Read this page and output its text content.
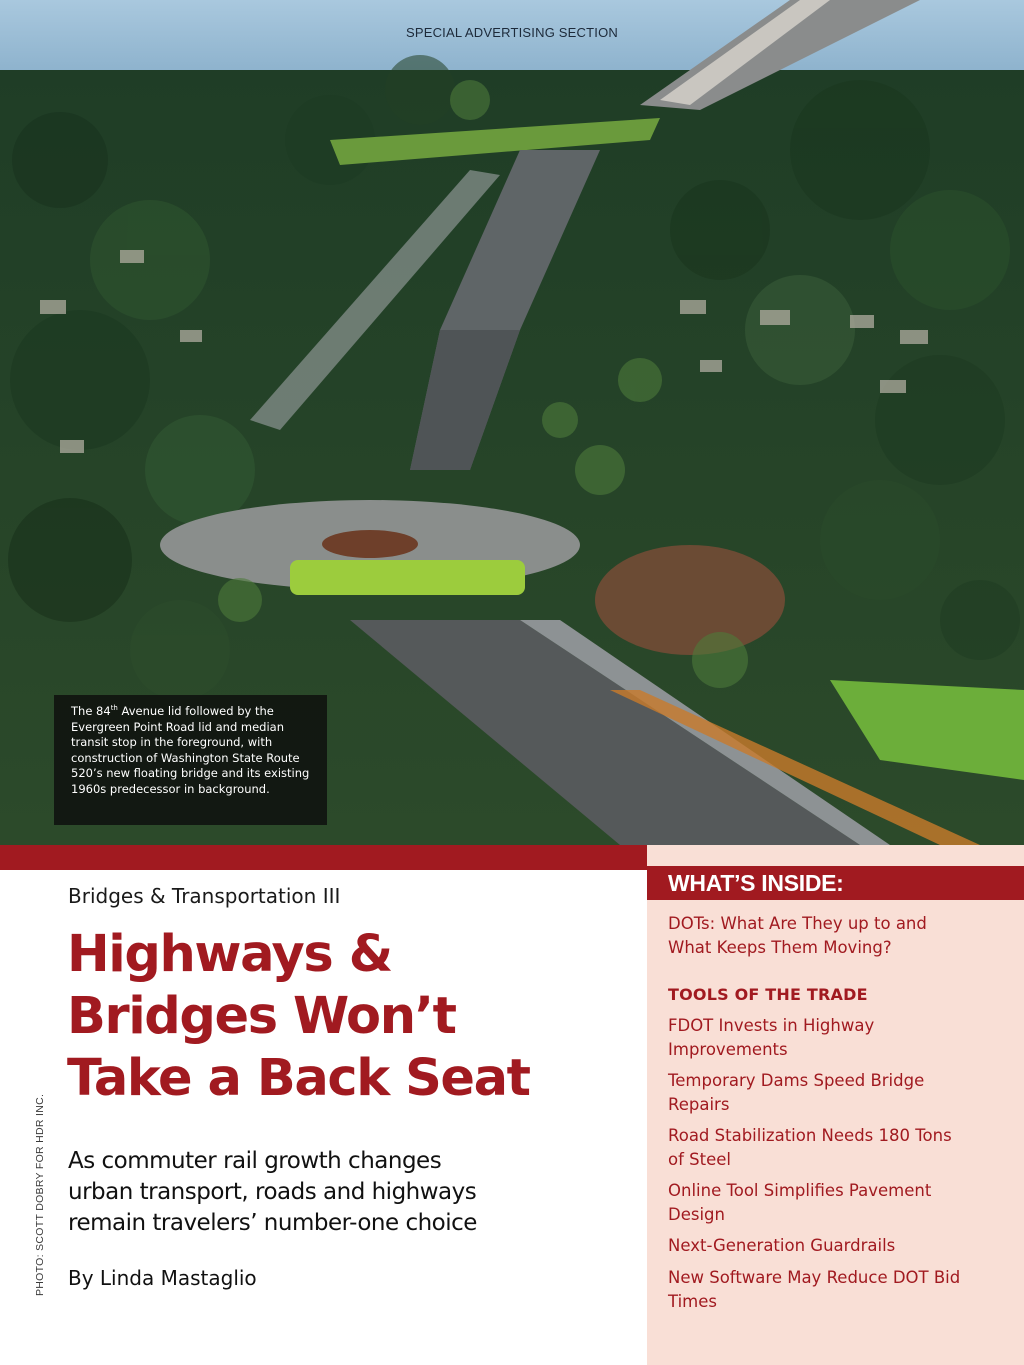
SPECIAL ADVERTISING SECTION
The 84th Avenue lid followed by the Evergreen Point Road lid and median transit stop in the foreground, with construction of Washington State Route 520’s new floating bridge and its existing 1960s predecessor in background.
PHOTO: SCOTT DOBRY FOR HDR INC.
Bridges & Transportation III
Highways &
Bridges Won’t
Take a Back Seat

As commuter rail growth changes
urban transport, roads and highways
remain travelers’ number-one choice

By Linda Mastaglio
WHAT’S INSIDE:

DOTs: What Are They up to and What Keeps Them Moving?

TOOLS OF THE TRADE

FDOT Invests in Highway Improvements

Temporary Dams Speed Bridge Repairs

Road Stabilization Needs 180 Tons of Steel

Online Tool Simplifies Pavement Design

Next-Generation Guardrails

New Software May Reduce DOT Bid Times
